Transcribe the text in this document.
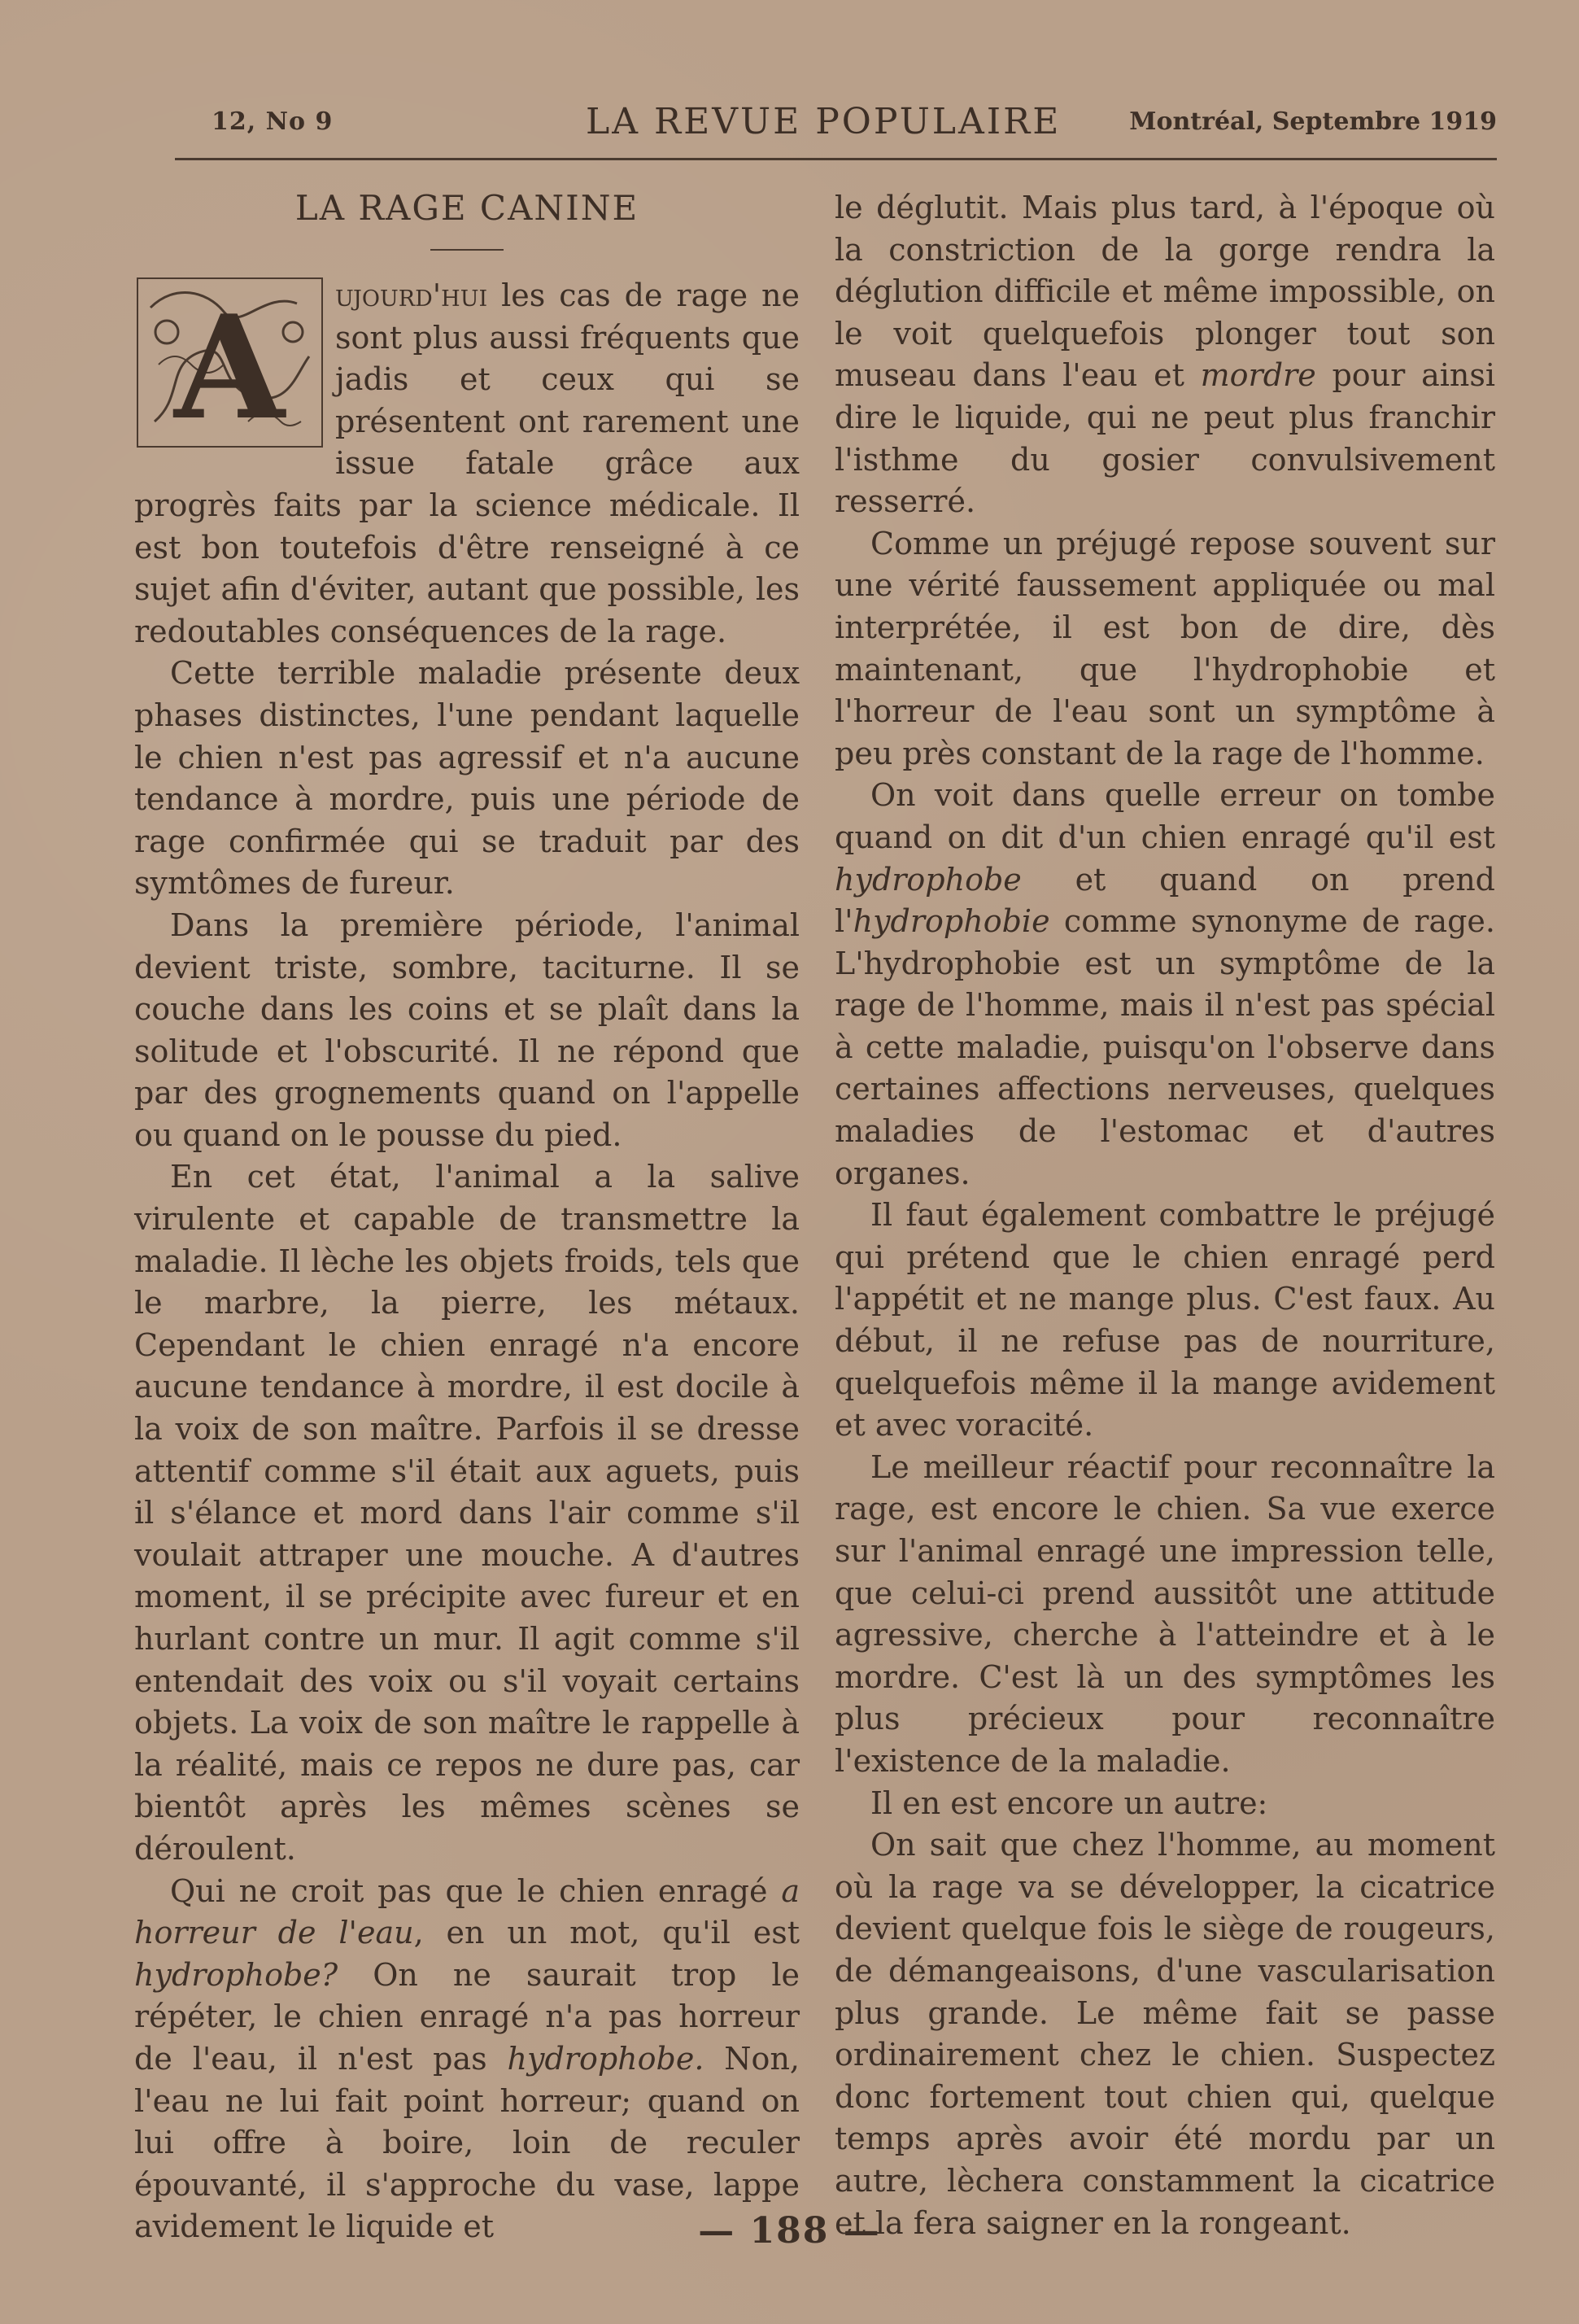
12, No 9	LA REVUE POPULAIRE	Montréal, Septembre 1919
LA RAGE CANINE

A ujourd'hui les cas de rage ne sont plus aussi fréquents que jadis et ceux qui se présentent ont rarement une issue fatale grâce aux progrès faits par la science médicale. Il est bon toutefois d'être renseigné à ce sujet afin d'éviter, autant que possible, les redoutables conséquences de la rage.

Cette terrible maladie présente deux phases distinctes, l'une pendant laquelle le chien n'est pas agressif et n'a aucune tendance à mordre, puis une période de rage confirmée qui se traduit par des symtômes de fureur.

Dans la première période, l'animal devient triste, sombre, taciturne. Il se couche dans les coins et se plaît dans la solitude et l'obscurité. Il ne répond que par des grognements quand on l'appelle ou quand on le pousse du pied.

En cet état, l'animal a la salive virulente et capable de transmettre la maladie. Il lèche les objets froids, tels que le marbre, la pierre, les métaux. Cependant le chien enragé n'a encore aucune tendance à mordre, il est docile à la voix de son maître. Parfois il se dresse attentif comme s'il était aux aguets, puis il s'élance et mord dans l'air comme s'il voulait attraper une mouche. A d'autres moment, il se précipite avec fureur et en hurlant contre un mur. Il agit comme s'il entendait des voix ou s'il voyait certains objets. La voix de son maître le rappelle à la réalité, mais ce repos ne dure pas, car bientôt après les mêmes scènes se déroulent.

Qui ne croit pas que le chien enragé a horreur de l'eau, en un mot, qu'il est hydrophobe? On ne saurait trop le répéter, le chien enragé n'a pas horreur de l'eau, il n'est pas hydrophobe. Non, l'eau ne lui fait point horreur; quand on lui offre à boire, loin de reculer épouvanté, il s'approche du vase, lappe avidement le liquide et

le déglutit. Mais plus tard, à l'époque où la constriction de la gorge rendra la déglution difficile et même impossible, on le voit quelquefois plonger tout son museau dans l'eau et mordre pour ainsi dire le liquide, qui ne peut plus franchir l'isthme du gosier convulsivement resserré.

Comme un préjugé repose souvent sur une vérité faussement appliquée ou mal interprétée, il est bon de dire, dès maintenant, que l'hydrophobie et l'horreur de l'eau sont un symptôme à peu près constant de la rage de l'homme.

On voit dans quelle erreur on tombe quand on dit d'un chien enragé qu'il est hydrophobe et quand on prend l'hydrophobie comme synonyme de rage. L'hydrophobie est un symptôme de la rage de l'homme, mais il n'est pas spécial à cette maladie, puisqu'on l'observe dans certaines affections nerveuses, quelques maladies de l'estomac et d'autres organes.

Il faut également combattre le préjugé qui prétend que le chien enragé perd l'appétit et ne mange plus. C'est faux. Au début, il ne refuse pas de nourriture, quelquefois même il la mange avidement et avec voracité.

Le meilleur réactif pour reconnaître la rage, est encore le chien. Sa vue exerce sur l'animal enragé une impression telle, que celui-ci prend aussitôt une attitude agressive, cherche à l'atteindre et à le mordre. C'est là un des symptômes les plus précieux pour reconnaître l'existence de la maladie.

Il en est encore un autre:

On sait que chez l'homme, au moment où la rage va se développer, la cicatrice devient quelque fois le siège de rougeurs, de démangeaisons, d'une vascularisation plus grande. Le même fait se passe ordinairement chez le chien. Suspectez donc fortement tout chien qui, quelque temps après avoir été mordu par un autre, lèchera constamment la cicatrice et la fera saigner en la rongeant.

— 188 —
